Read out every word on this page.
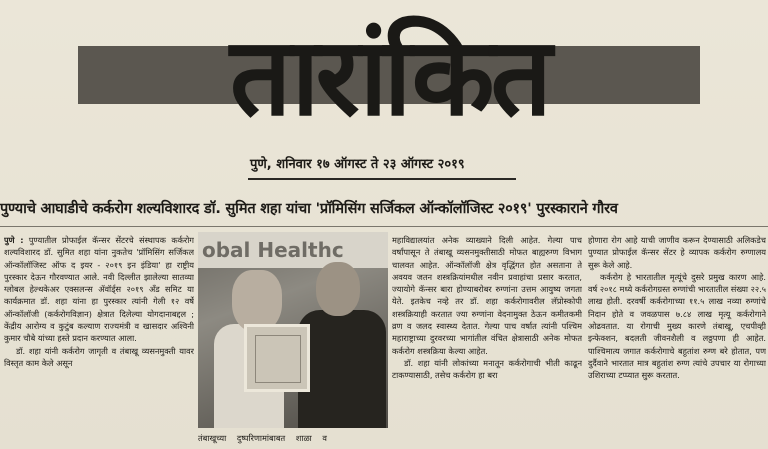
तारांकित
पुणे, शनिवार १७ ऑगस्ट ते २३ ऑगस्ट २०१९
पुण्याचे आघाडीचे कर्करोग शल्यविशारद डॉ. सुमित शहा यांचा 'प्रॉमिसिंग सर्जिकल ऑन्कॉलॉजिस्ट २०१९' पुरस्काराने गौरव

पुणे : पुण्यातील प्रोफाईल कॅन्सर सेंटरचे संस्थापक कर्करोग शल्यविशारद डॉ. सुमित शहा यांना नुकतेच 'प्रॉमिसिंग सर्जिकल ऑन्कॉलॉजिस्ट ऑफ द इयर - २०१९ इन इंडिया' हा राष्ट्रीय पुरस्कार देऊन गौरवण्यात आले. नवी दिल्लीत झालेल्या सातव्या ग्लोबल हेल्थकेअर एक्सलन्स ॲवॉर्ड्स २०१९ अँड समिट या कार्यक्रमात डॉ. शहा यांना हा पुरस्कार त्यांनी गेली १२ वर्षे ऑन्कॉलॉजी (कर्करोगविज्ञान) क्षेत्रात दिलेल्या योगदानाबद्दल ; केंद्रीय आरोग्य व कुटुंब कल्याण राज्यमंत्री व खासदार अश्विनी कुमार चौबे यांच्या हस्ते प्रदान करण्यात आला.

डॉ. शहा यांनी कर्करोग जागृती व तंबाखू व्यसनमुक्ती यावर विस्तृत काम केले असून

obal Healthc
तंबाखूच्या दुष्परिणामांबाबत शाळा व

महाविद्यालयांत अनेक व्याख्याने दिली आहेत. गेल्या पाच वर्षांपासून ते तंबाखू व्यसनमुक्तीसाठी मोफत बाह्यरुग्ण विभाग चालवत आहेत. ऑन्कॉलॉजी क्षेत्र वृद्धिंगत होत असताना ते अवयव जतन शस्त्रक्रियांमधील नवीन प्रवाहांचा प्रसार करतात, ज्यायोगे कॅन्सर बारा होण्याबरोबर रुग्णांना उत्तम आयुष्य जगता येते. इतकेच नव्हे तर डॉ. शहा कर्करोगावरील लॅप्रोस्कोपी शस्त्रक्रियाही करतात ज्या रुग्णांना वेदनामुक्त ठेऊन कमीतकमी व्रण व जलद स्वास्थ्य देतात. गेल्या पाच वर्षात त्यांनी पश्चिम महाराष्ट्राच्या दुरवरच्या भागांतील वंचित क्षेत्रासाठी अनेक मोफत कर्करोग शस्त्रक्रिया केल्या आहेत.

डॉ. शहा यांनी लोकांच्या मनातून कर्करोगाची भीती काढून टाकण्यासाठी, तसेच कर्करोग हा बरा

होणारा रोग आहे याची जाणीव करून देण्यासाठी अलिकडेच पुण्यात प्रोफाईल कॅन्सर सेंटर हे व्यापक कर्करोग रुग्णालय सुरू केले आहे.

कर्करोग हे भारतातील मृत्यूंचे दुसरे प्रमुख कारण आहे. वर्ष २०१८ मध्ये कर्करोगग्रस्त रुग्णांची भारतातील संख्या २२.५ लाख होती. दरवर्षी कर्करोगाच्या ११.५ लाख नव्या रुग्णांचे निदान होते व जवळपास ७.८४ लाख मृत्यू कर्करोगाने ओढवतात. या रोगाची मुख्य कारणे तंबाखू, एचपीव्ही इन्फेक्शन, बदलती जीवनशैली व लठ्ठपणा ही आहेत. पाश्चिमात्य जगात कर्करोगाचे बहुतांश रुग्ण बरे होतात, पण दुर्दैवाने भारतात मात्र बहुतांश रुग्ण त्यांचे उपचार या रोगाच्या उशिराच्या टप्प्यात सुरू करतात.
